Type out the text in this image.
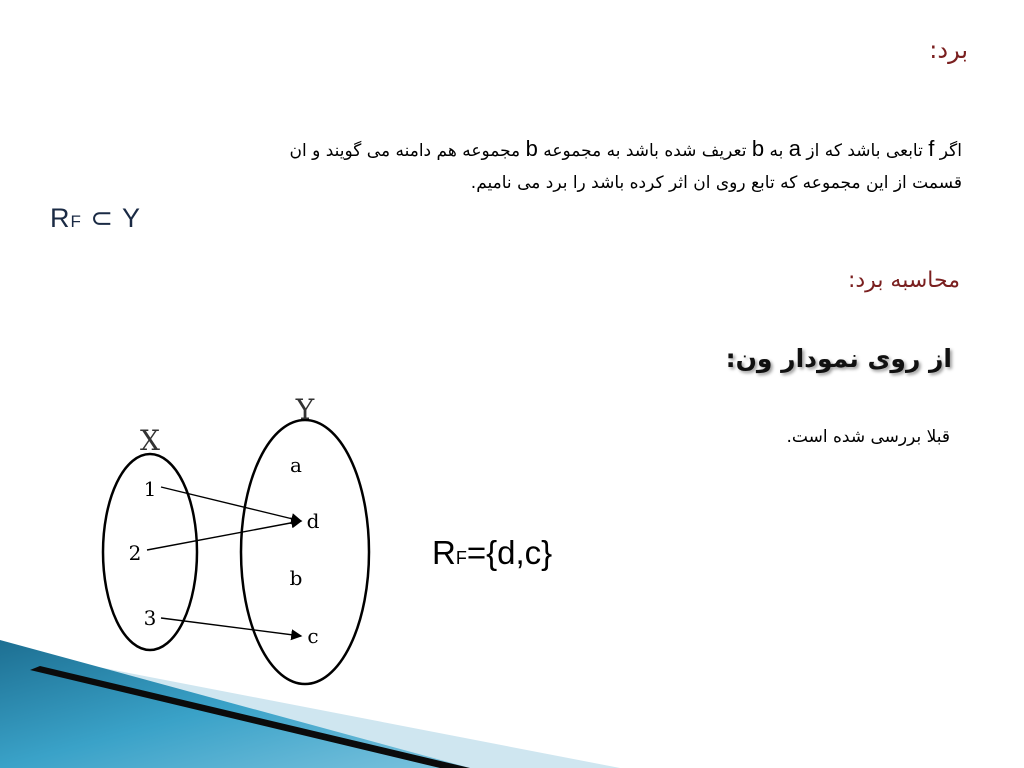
برد:
اگر f تابعی باشد که از a به b تعریف شده باشد به مجموعه b مجموعه هم دامنه می گویند و ان
قسمت از این مجموعه که تابع روی ان اثر کرده باشد را برد می نامیم.
RF ⊂ Y
محاسبه برد:
از روی نمودار ون:
قبلا بررسی شده است.
X
Y
1
2
3
a
d
b
c
RF={d,c}
